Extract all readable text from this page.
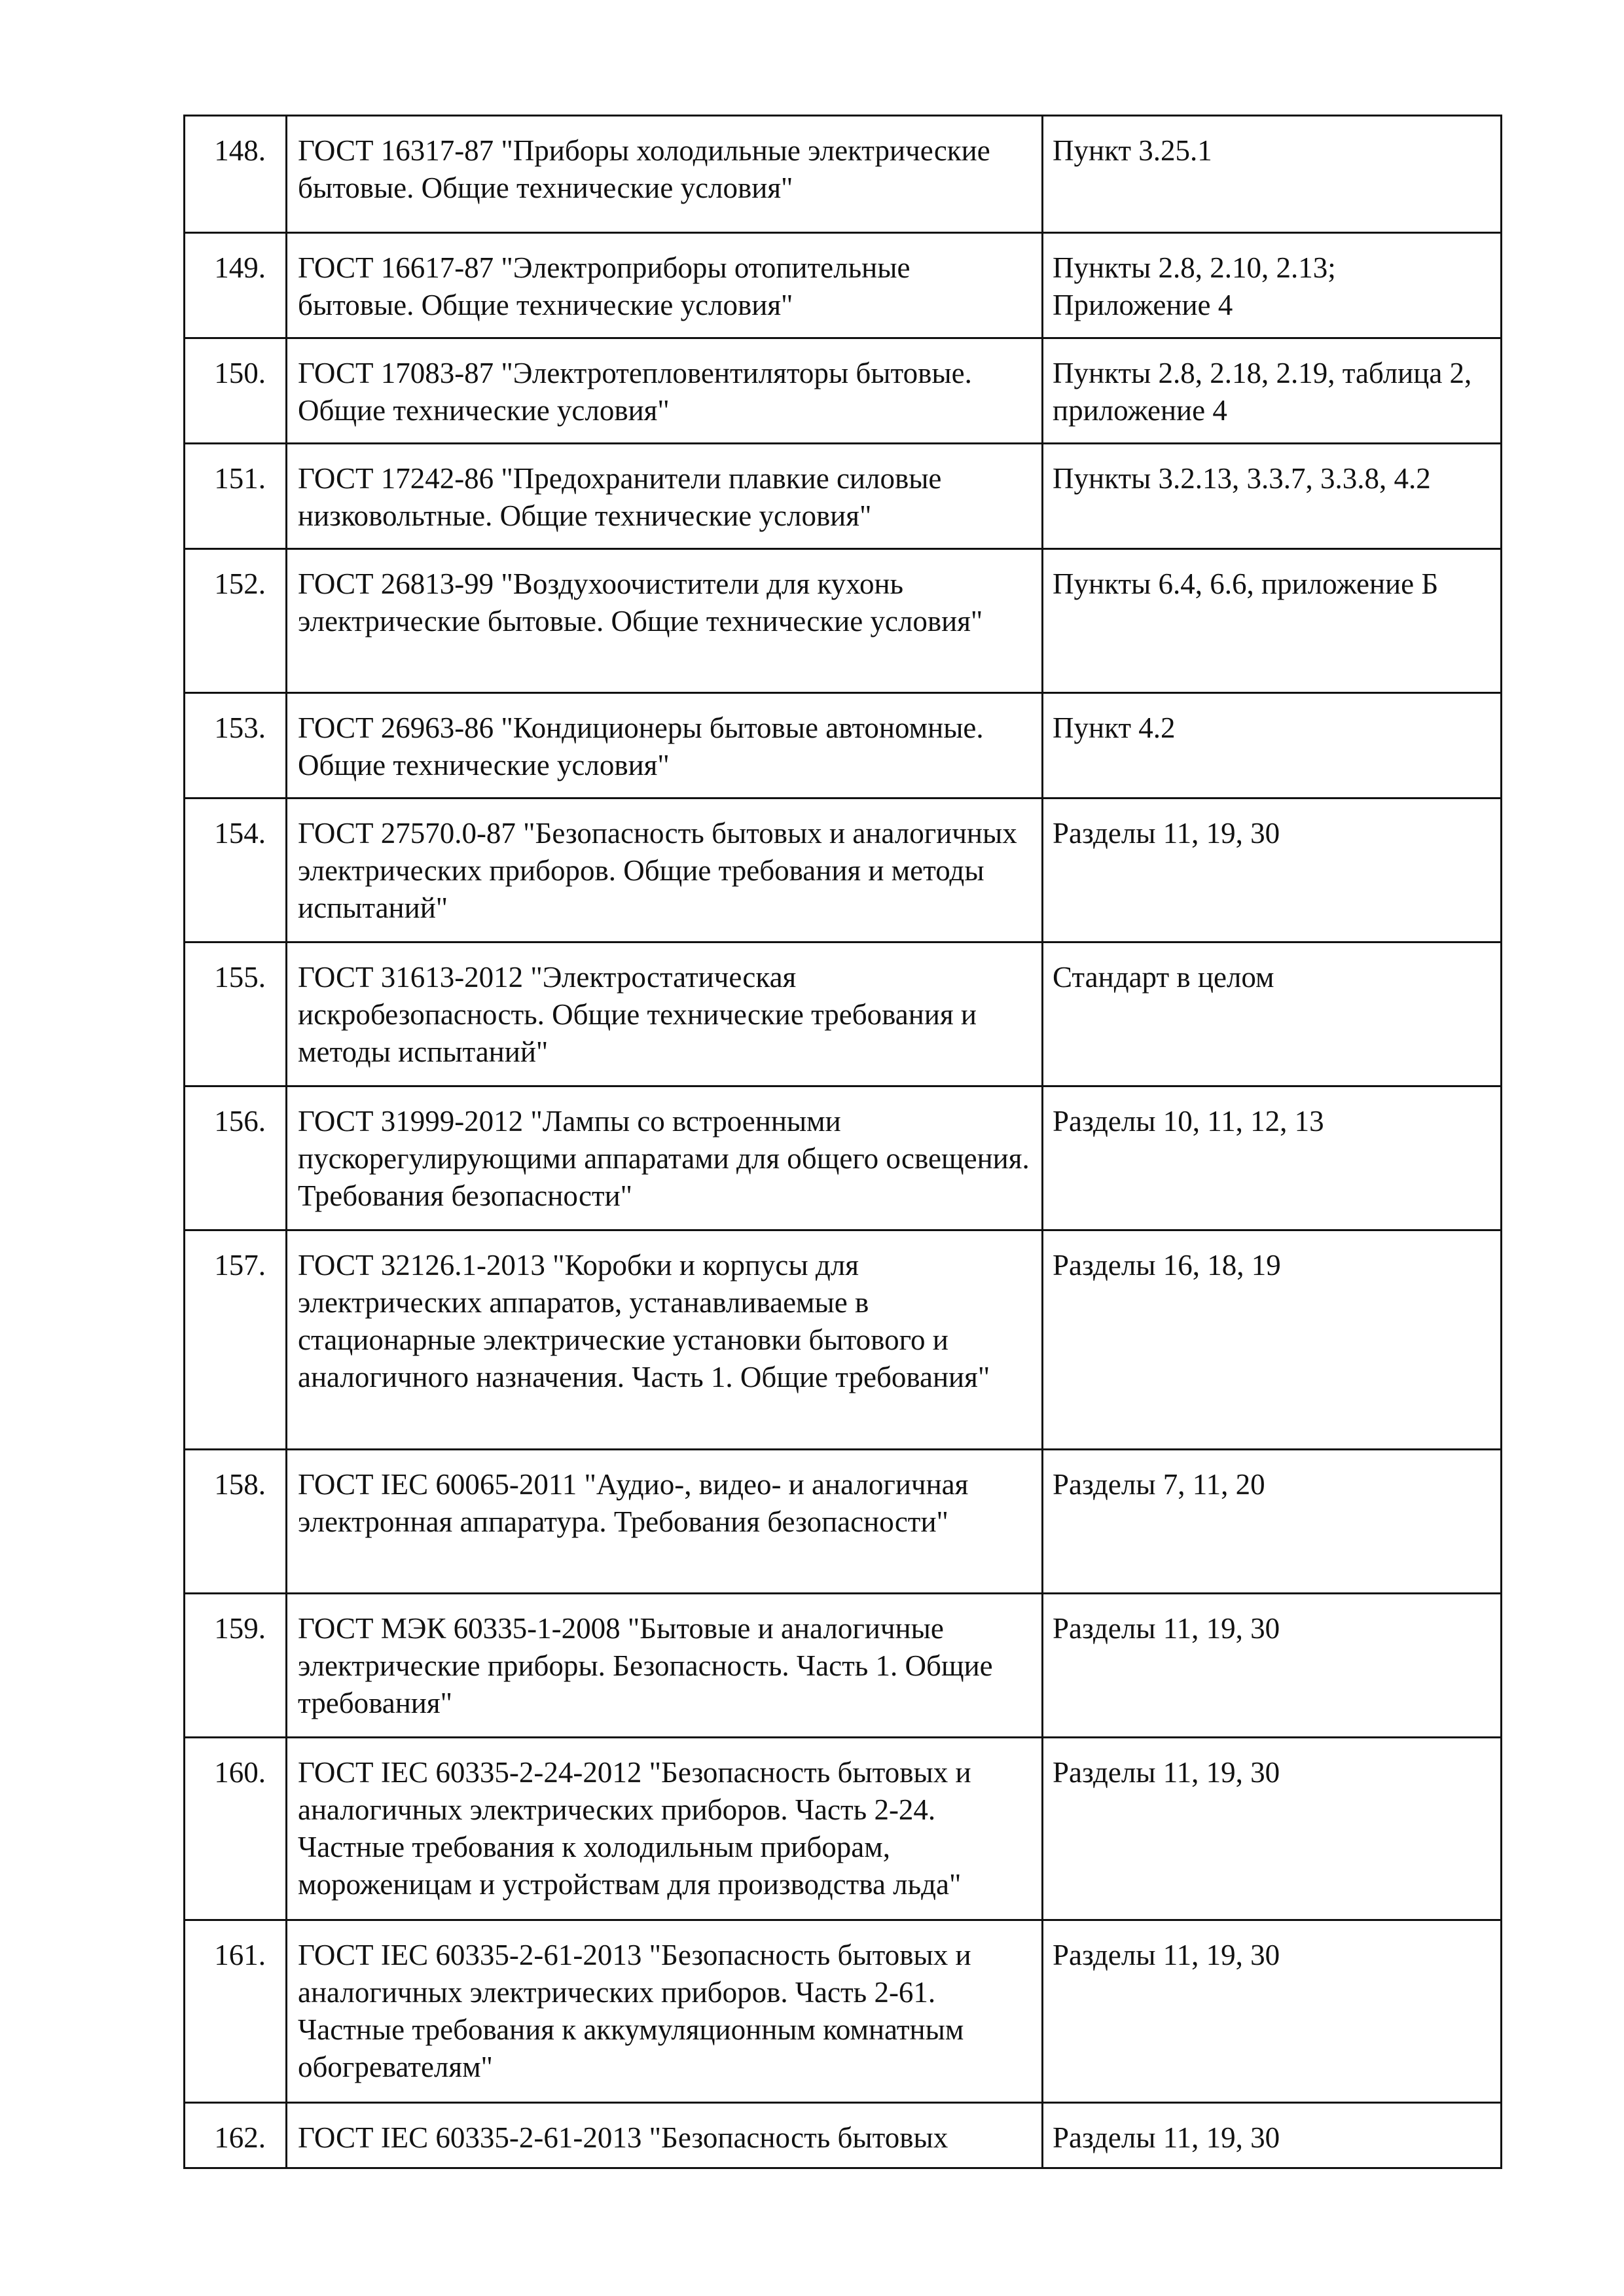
148.	ГОСТ 16317-87 "Приборы холодильные электрические бытовые. Общие технические условия"	Пункт 3.25.1
149.	ГОСТ 16617-87 "Электроприборы отопительные бытовые. Общие технические условия"	Пункты 2.8, 2.10, 2.13; Приложение 4
150.	ГОСТ 17083-87 "Электротепловентиляторы бытовые. Общие технические условия"	Пункты 2.8, 2.18, 2.19, таблица 2, приложение 4
151.	ГОСТ 17242-86 "Предохранители плавкие силовые низковольтные. Общие технические условия"	Пункты 3.2.13, 3.3.7, 3.3.8, 4.2
152.	ГОСТ 26813-99 "Воздухоочистители для кухонь электрические бытовые. Общие технические условия"	Пункты 6.4, 6.6, приложение Б
153.	ГОСТ 26963-86 "Кондиционеры бытовые автономные. Общие технические условия"	Пункт 4.2
154.	ГОСТ 27570.0-87 "Безопасность бытовых и аналогичных электрических приборов. Общие требования и методы испытаний"	Разделы 11, 19, 30
155.	ГОСТ 31613-2012 "Электростатическая искробезопасность. Общие технические требования и методы испытаний"	Стандарт в целом
156.	ГОСТ 31999-2012 "Лампы со встроенными пускорегулирующими аппаратами для общего освещения. Требования безопасности"	Разделы 10, 11, 12, 13
157.	ГОСТ 32126.1-2013 "Коробки и корпусы для электрических аппаратов, устанавливаемые в стационарные электрические установки бытового и аналогичного назначения. Часть 1. Общие требования"	Разделы 16, 18, 19
158.	ГОСТ IEC 60065-2011 "Аудио-, видео- и аналогичная электронная аппаратура. Требования безопасности"	Разделы 7, 11, 20
159.	ГОСТ МЭК 60335-1-2008 "Бытовые и аналогичные электрические приборы. Безопасность. Часть 1. Общие требования"	Разделы 11, 19, 30
160.	ГОСТ IEC 60335-2-24-2012 "Безопасность бытовых и аналогичных электрических приборов. Часть 2-24. Частные требования к холодильным приборам, мороженицам и устройствам для производства льда"	Разделы 11, 19, 30
161.	ГОСТ IEC 60335-2-61-2013 "Безопасность бытовых и аналогичных электрических приборов. Часть 2-61. Частные требования к аккумуляционным комнатным обогревателям"	Разделы 11, 19, 30
162.	ГОСТ IEC 60335-2-61-2013 "Безопасность бытовых	Разделы 11, 19, 30
